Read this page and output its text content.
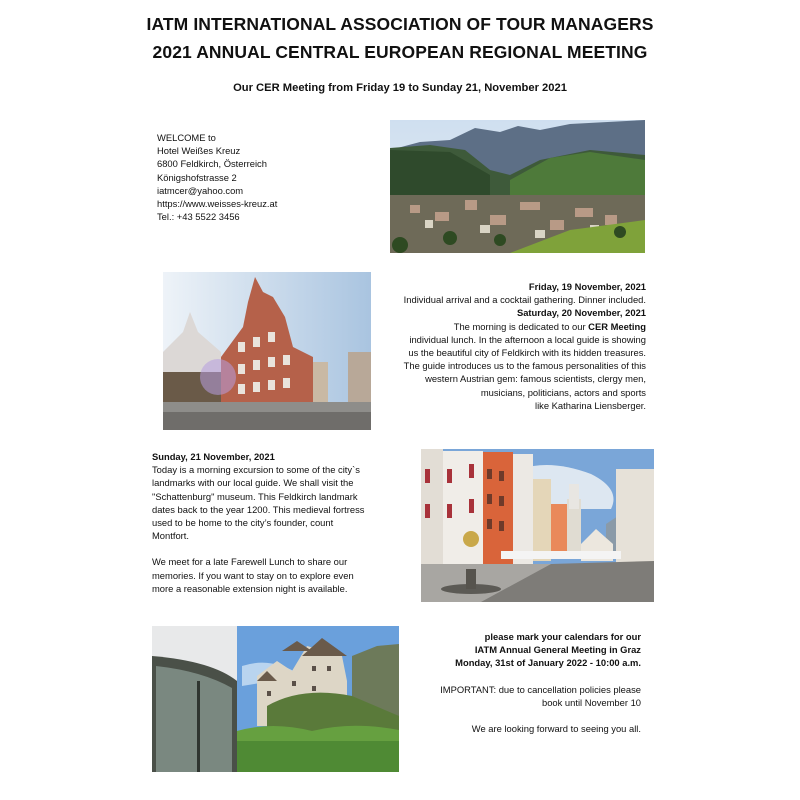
IATM INTERNATIONAL ASSOCIATION OF TOUR MANAGERS
2021 ANNUAL CENTRAL EUROPEAN REGIONAL MEETING
Our CER Meeting from Friday 19 to Sunday 21, November 2021
WELCOME to
Hotel Weißes Kreuz
6800 Feldkirch, Österreich
Königshofstrasse 2
iatmcer@yahoo.com
https://www.weisses-kreuz.at
Tel.: +43 5522 3456
Friday, 19 November, 2021
Individual arrival and a cocktail gathering. Dinner included.
Saturday, 20 November, 2021
The morning is dedicated to our CER Meeting
individual lunch. In the afternoon a local guide is showing
us the beautiful city of Feldkirch with its hidden treasures.
The guide introduces us to the famous personalities of this
western Austrian gem: famous scientists, clergy men,
musicians, politicians, actors and sports
like Katharina Liensberger.
Sunday, 21 November, 2021
Today is a morning excursion to some of the city`s
landmarks with our local guide. We shall visit the
"Schattenburg" museum. This Feldkirch landmark
dates back to the year 1200. This medieval fortress
used to be home to the city’s founder, count
Montfort.
We meet for a late Farewell Lunch to share our
memories. If you want to stay on to explore even
more a reasonable extension night is available.
please mark your calendars for our
IATM Annual General Meeting in Graz
Monday, 31st of January 2022 - 10:00 a.m.
IMPORTANT: due to cancellation policies please
book until November 10
We are looking forward to seeing you all.
